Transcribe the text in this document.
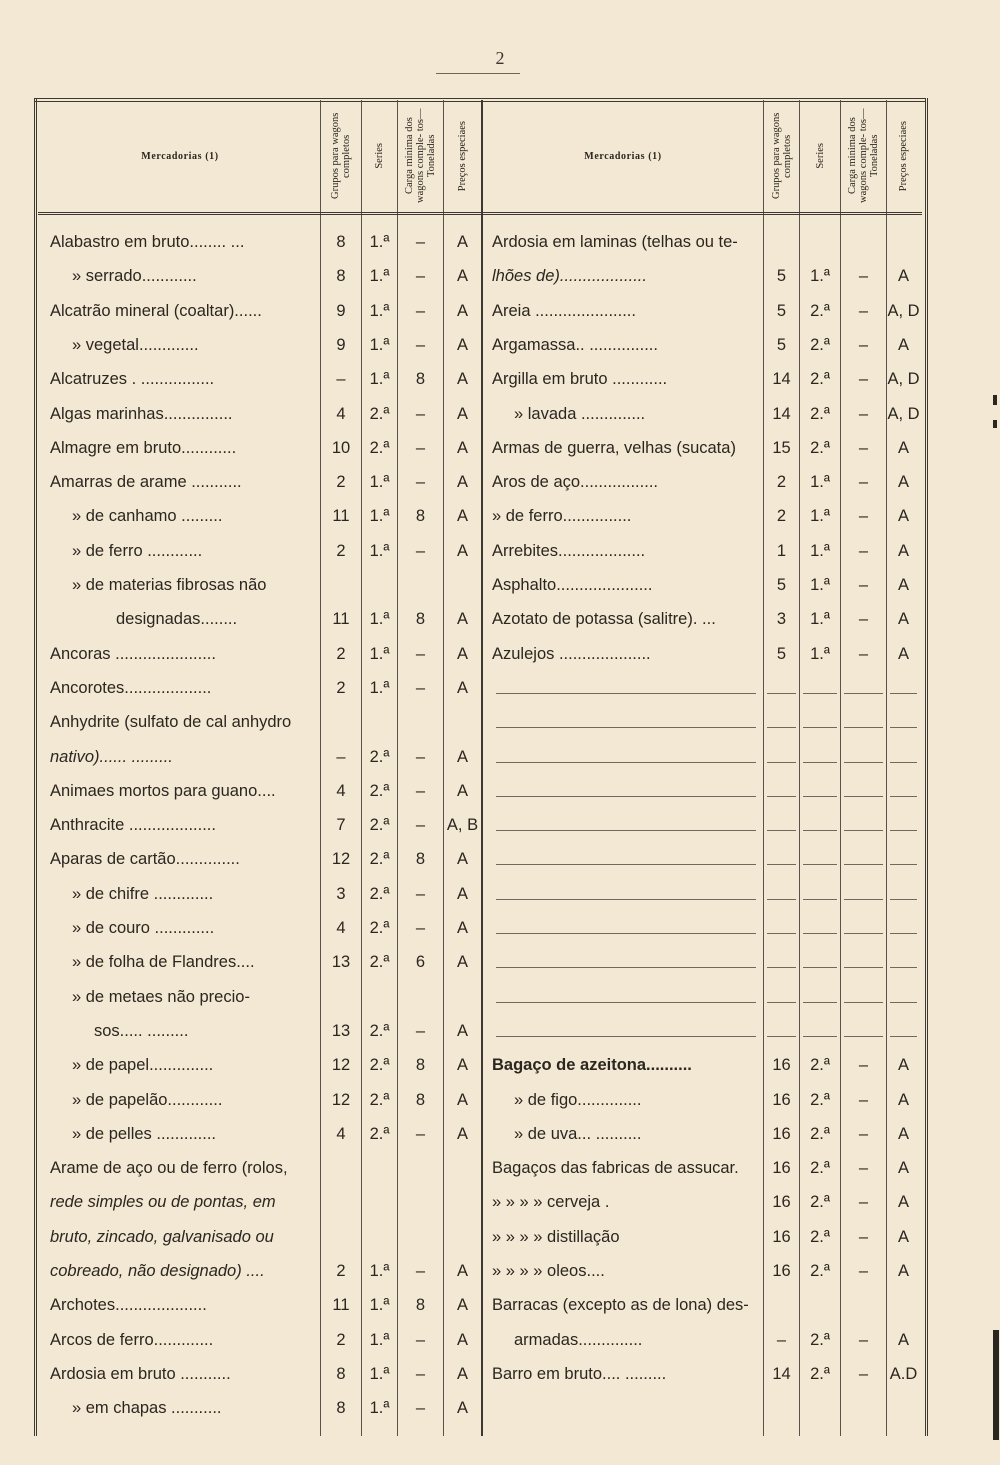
2
Mercadorias (1)	Grupos para wagons completos Series Carga minima dos wagons comple- tos—Toneladas Preços especiaes	Mercadorias (1)	Grupos para wagons completos Series Carga minima dos wagons comple- tos—Toneladas Preços especiaes
Alabastro em bruto........ ...	8	1.ª	–	A
» serrado............	8	1.ª	–	A
Alcatrão mineral (coaltar)......	9	1.ª	–	A
» vegetal.............	9	1.ª	–	A
Alcatruzes . ................	–	1.ª	8	A
Algas marinhas...............	4	2.ª	–	A
Almagre em bruto............	10	2.ª	–	A
Amarras de arame ...........	2	1.ª	–	A
» de canhamo .........	11	1.ª	8	A
» de ferro ............	2	1.ª	–	A
» de materias fibrosas não
designadas........	11	1.ª	8	A
Ancoras ......................	2	1.ª	–	A
Ancorotes...................	2	1.ª	–	A
Anhydrite (sulfato de cal anhydro
nativo)...... .........	–	2.ª	–	A
Animaes mortos para guano....	4	2.ª	–	A
Anthracite ...................	7	2.ª	–	A, B
Aparas de cartão..............	12	2.ª	8	A
» de chifre .............	3	2.ª	–	A
» de couro .............	4	2.ª	–	A
» de folha de Flandres....	13	2.ª	6	A
» de metaes não precio-
sos..... .........	13	2.ª	–	A
» de papel..............	12	2.ª	8	A
» de papelão............	12	2.ª	8	A
» de pelles .............	4	2.ª	–	A
Arame de aço ou de ferro (rolos,
rede simples ou de pontas, em
bruto, zincado, galvanisado ou
cobreado, não designado) ....	2	1.ª	–	A
Archotes....................	11	1.ª	8	A
Arcos de ferro.............	2	1.ª	–	A
Ardosia em bruto ...........	8	1.ª	–	A
» em chapas ...........	8	1.ª	–	A
Ardosia em laminas (telhas ou te-
lhões de)...................	5	1.ª	–	A
Areia ......................	5	2.ª	–	A, D
Argamassa.. ...............	5	2.ª	–	A
Argilla em bruto ............	14	2.ª	–	A, D
» lavada ..............	14	2.ª	–	A, D
Armas de guerra, velhas (sucata)	15	2.ª	–	A
Aros de aço.................	2	1.ª	–	A
» de ferro...............	2	1.ª	–	A
Arrebites...................	1	1.ª	–	A
Asphalto.....................	5	1.ª	–	A
Azotato de potassa (salitre). ...	3	1.ª	–	A
Azulejos ....................	5	1.ª	–	A
Bagaço de azeitona..........	16	2.ª	–	A
» de figo..............	16	2.ª	–	A
» de uva... ..........	16	2.ª	–	A
Bagaços das fabricas de assucar.	16	2.ª	–	A
» » » » cerveja .	16	2.ª	–	A
» » » » distillação	16	2.ª	–	A
» » » » oleos....	16	2.ª	–	A
Barracas (excepto as de lona) des-
armadas..............	–	2.ª	–	A
Barro em bruto.... .........	14	2.ª	–	A.D
